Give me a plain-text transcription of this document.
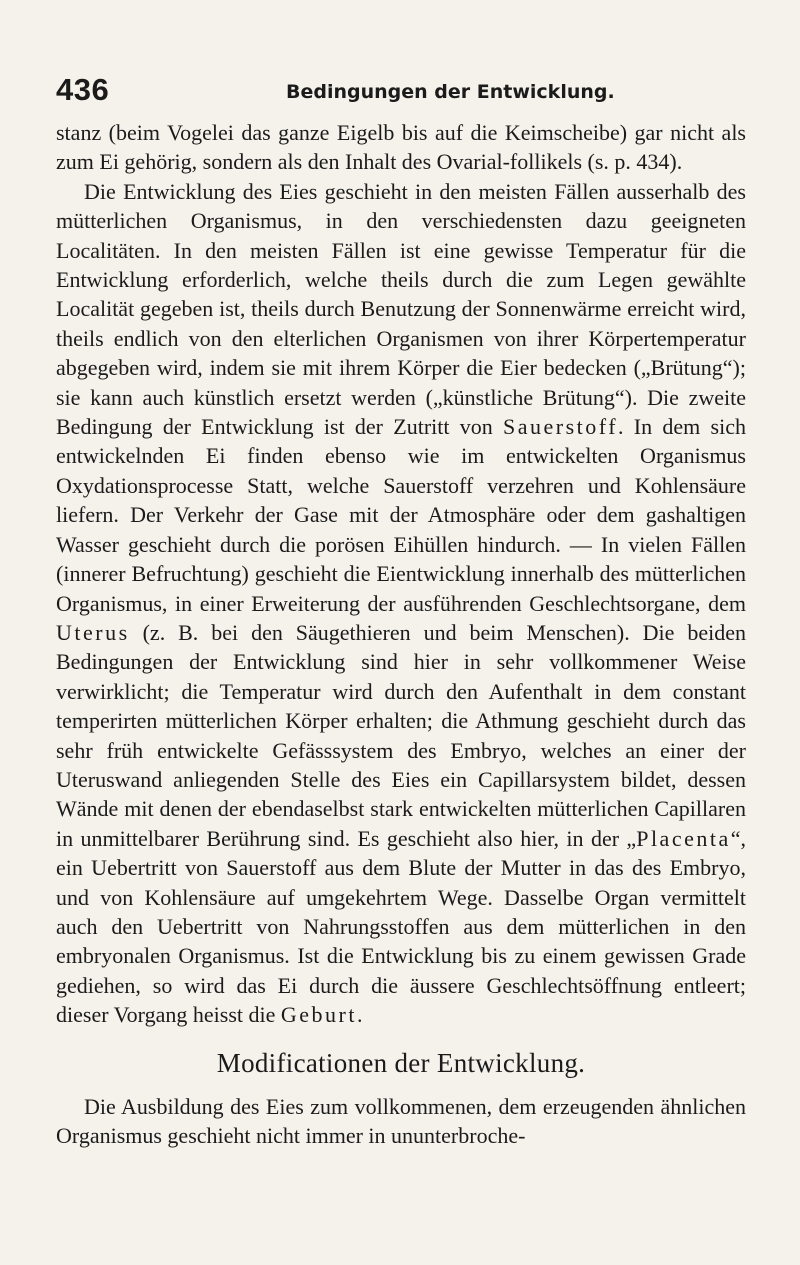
436	Bedingungen der Entwicklung.

stanz (beim Vogelei das ganze Eigelb bis auf die Keimscheibe) gar nicht als zum Ei gehörig, sondern als den Inhalt des Ovarial-follikels (s. p. 434).

Die Entwicklung des Eies geschieht in den meisten Fällen ausserhalb des mütterlichen Organismus, in den verschiedensten dazu geeigneten Localitäten. In den meisten Fällen ist eine gewisse Temperatur für die Entwicklung erforderlich, welche theils durch die zum Legen gewählte Localität gegeben ist, theils durch Benutzung der Sonnenwärme erreicht wird, theils endlich von den elterlichen Organismen von ihrer Körpertemperatur abgegeben wird, indem sie mit ihrem Körper die Eier bedecken („Brütung“); sie kann auch künstlich ersetzt werden („künstliche Brütung“). Die zweite Bedingung der Entwicklung ist der Zutritt von Sauerstoff. In dem sich entwickelnden Ei finden ebenso wie im entwickelten Organismus Oxydationsprocesse Statt, welche Sauerstoff verzehren und Kohlensäure liefern. Der Verkehr der Gase mit der Atmosphäre oder dem gashaltigen Wasser geschieht durch die porösen Eihüllen hindurch. — In vielen Fällen (innerer Befruchtung) geschieht die Eientwicklung innerhalb des mütterlichen Organismus, in einer Erweiterung der ausführenden Geschlechtsorgane, dem Uterus (z. B. bei den Säugethieren und beim Menschen). Die beiden Bedingungen der Entwicklung sind hier in sehr vollkommener Weise verwirklicht; die Temperatur wird durch den Aufenthalt in dem constant temperirten mütterlichen Körper erhalten; die Athmung geschieht durch das sehr früh entwickelte Gefässsystem des Embryo, welches an einer der Uteruswand anliegenden Stelle des Eies ein Capillarsystem bildet, dessen Wände mit denen der ebendaselbst stark entwickelten mütterlichen Capillaren in unmittelbarer Berührung sind. Es geschieht also hier, in der „Placenta“, ein Uebertritt von Sauerstoff aus dem Blute der Mutter in das des Embryo, und von Kohlensäure auf umgekehrtem Wege. Dasselbe Organ vermittelt auch den Uebertritt von Nahrungsstoffen aus dem mütterlichen in den embryonalen Organismus. Ist die Entwicklung bis zu einem gewissen Grade gediehen, so wird das Ei durch die äussere Geschlechtsöffnung entleert; dieser Vorgang heisst die Geburt.

Modificationen der Entwicklung.

Die Ausbildung des Eies zum vollkommenen, dem erzeugenden ähnlichen Organismus geschieht nicht immer in ununterbroche-
